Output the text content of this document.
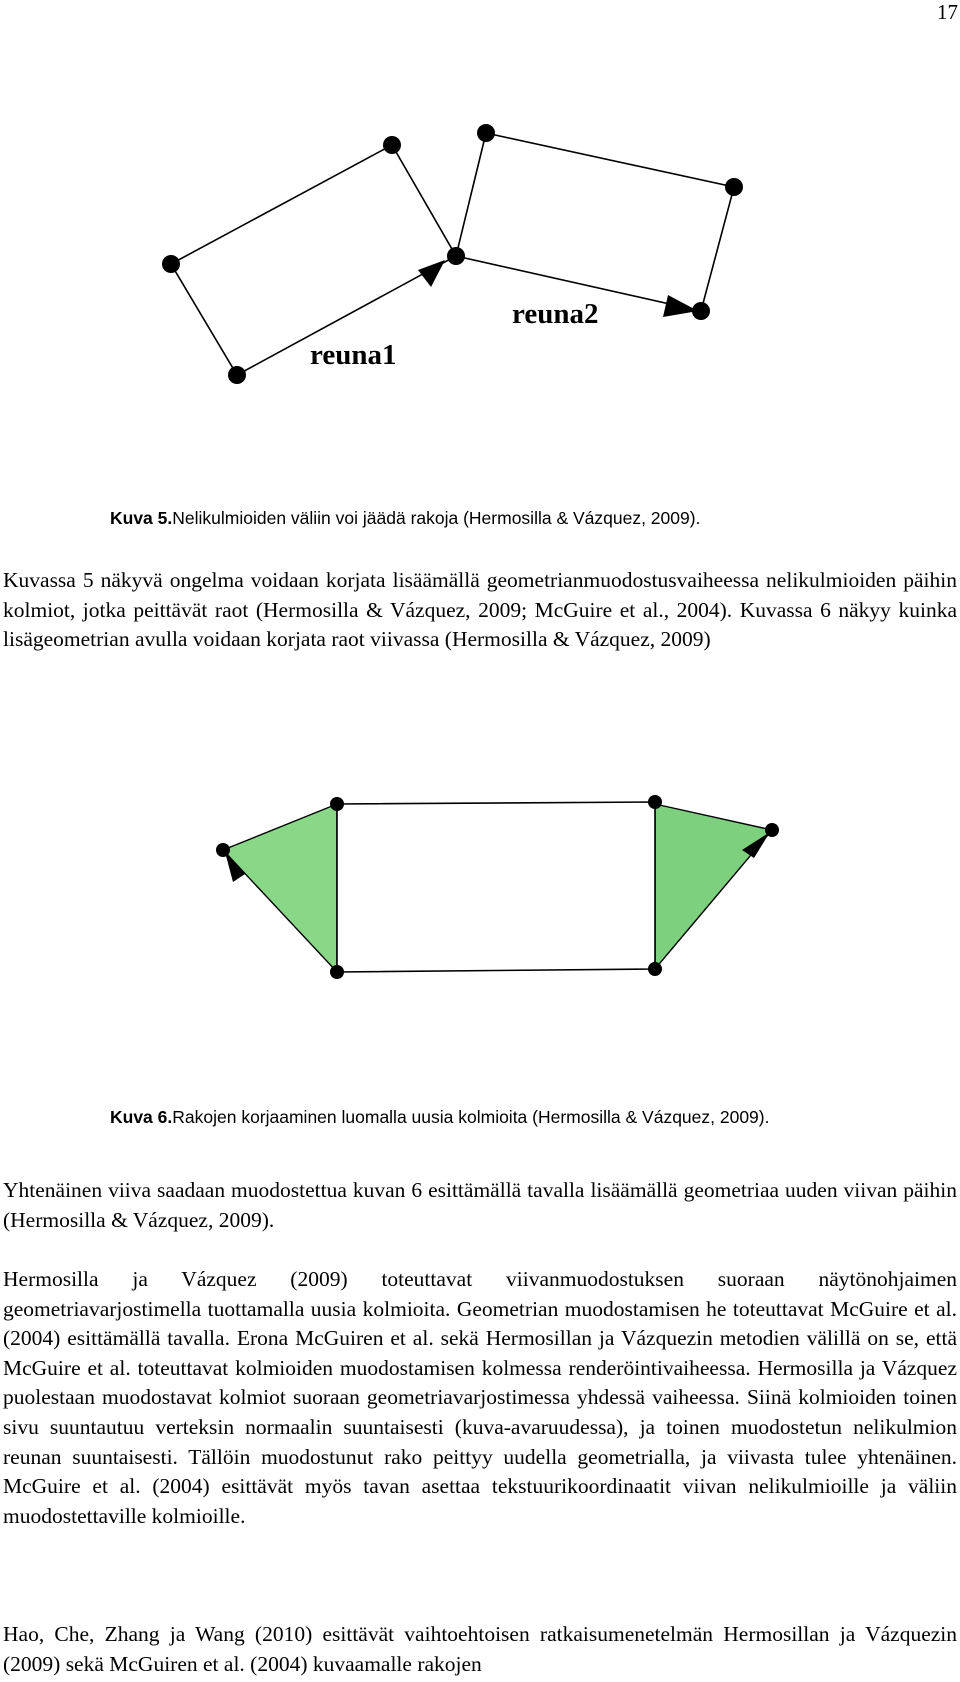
17
reuna1
reuna2
Kuva 5.Nelikulmioiden väliin voi jäädä rakoja (Hermosilla & Vázquez, 2009).

Kuvassa 5 näkyvä ongelma voidaan korjata lisäämällä geometrianmuodostusvaiheessa nelikulmioiden päihin kolmiot, jotka peittävät raot (Hermosilla & Vázquez, 2009; McGuire et al., 2004). Kuvassa 6 näkyy kuinka lisägeometrian avulla voidaan korjata raot viivassa (Hermosilla & Vázquez, 2009)

Kuva 6.Rakojen korjaaminen luomalla uusia kolmioita (Hermosilla & Vázquez, 2009).

Yhtenäinen viiva saadaan muodostettua kuvan 6 esittämällä tavalla lisäämällä geometriaa uuden viivan päihin (Hermosilla & Vázquez, 2009).

Hermosilla ja Vázquez (2009) toteuttavat viivanmuodostuksen suoraan näytönohjaimen geometriavarjostimella tuottamalla uusia kolmioita. Geometrian muodostamisen he toteuttavat McGuire et al. (2004) esittämällä tavalla. Erona McGuiren et al. sekä Hermosillan ja Vázquezin metodien välillä on se, että McGuire et al. toteuttavat kolmioiden muodostamisen kolmessa renderöintivaiheessa. Hermosilla ja Vázquez puolestaan muodostavat kolmiot suoraan geometriavarjostimessa yhdessä vaiheessa. Siinä kolmioiden toinen sivu suuntautuu verteksin normaalin suuntaisesti (kuva-avaruudessa), ja toinen muodostetun nelikulmion reunan suuntaisesti. Tällöin muodostunut rako peittyy uudella geometrialla, ja viivasta tulee yhtenäinen. McGuire et al. (2004) esittävät myös tavan asettaa tekstuurikoordinaatit viivan nelikulmioille ja väliin muodostettaville kolmioille.

Hao, Che, Zhang ja Wang (2010) esittävät vaihtoehtoisen ratkaisumenetelmän Hermosillan ja Vázquezin (2009) sekä McGuiren et al. (2004) kuvaamalle rakojen
